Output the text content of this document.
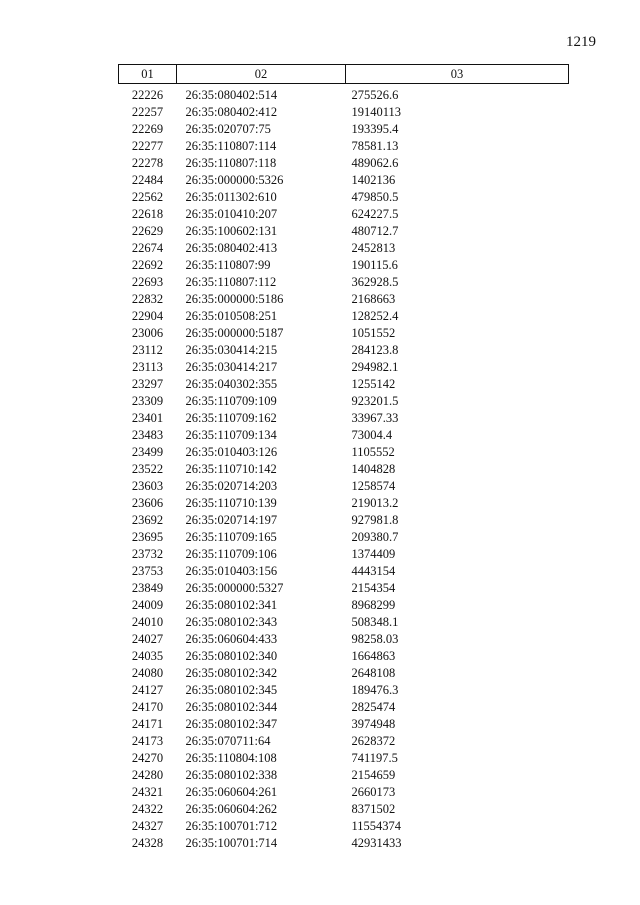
1219
01	02	03
22226	26:35:080402:514	275526.6
22257	26:35:080402:412	19140113
22269	26:35:020707:75	193395.4
22277	26:35:110807:114	78581.13
22278	26:35:110807:118	489062.6
22484	26:35:000000:5326	1402136
22562	26:35:011302:610	479850.5
22618	26:35:010410:207	624227.5
22629	26:35:100602:131	480712.7
22674	26:35:080402:413	2452813
22692	26:35:110807:99	190115.6
22693	26:35:110807:112	362928.5
22832	26:35:000000:5186	2168663
22904	26:35:010508:251	128252.4
23006	26:35:000000:5187	1051552
23112	26:35:030414:215	284123.8
23113	26:35:030414:217	294982.1
23297	26:35:040302:355	1255142
23309	26:35:110709:109	923201.5
23401	26:35:110709:162	33967.33
23483	26:35:110709:134	73004.4
23499	26:35:010403:126	1105552
23522	26:35:110710:142	1404828
23603	26:35:020714:203	1258574
23606	26:35:110710:139	219013.2
23692	26:35:020714:197	927981.8
23695	26:35:110709:165	209380.7
23732	26:35:110709:106	1374409
23753	26:35:010403:156	4443154
23849	26:35:000000:5327	2154354
24009	26:35:080102:341	8968299
24010	26:35:080102:343	508348.1
24027	26:35:060604:433	98258.03
24035	26:35:080102:340	1664863
24080	26:35:080102:342	2648108
24127	26:35:080102:345	189476.3
24170	26:35:080102:344	2825474
24171	26:35:080102:347	3974948
24173	26:35:070711:64	2628372
24270	26:35:110804:108	741197.5
24280	26:35:080102:338	2154659
24321	26:35:060604:261	2660173
24322	26:35:060604:262	8371502
24327	26:35:100701:712	11554374
24328	26:35:100701:714	42931433
